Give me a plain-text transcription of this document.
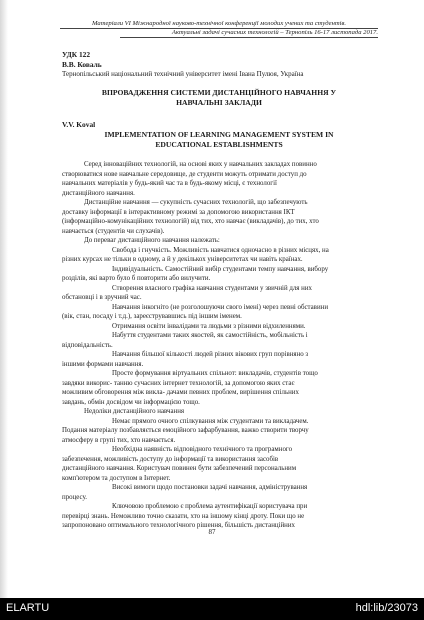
Матеріали VI Міжнародної науково-технічної конференції молодих учених та студентів.
Актуальні задачі сучасних технологій – Тернопіль 16-17 листопада 2017.
УДК 122
В.В. Коваль
Тернопільський національний технічний університет імені Івана Пулюя, Україна
ВПРОВАДЖЕННЯ СИСТЕМИ ДИСТАНЦІЙНОГО НАВЧАННЯ У
НАВЧАЛЬНІ ЗАКЛАДИ
V.V. Koval
IMPLEMENTATION OF LEARNING MANAGEMENT SYSTEM IN
EDUCATIONAL ESTABLISHMENTS

Серед інноваційних технологій, на основі яких у навчальних закладах повинно

створюватися нове навчальне середовище, де студенти можуть отримати доступ до

навчальних матеріалів у будь-який час та в будь-якому місці, є технології

дистанційного навчання.

Дистанційне навчання — сукупність сучасних технологій, що забезпечують

доставку інформації в інтерактивному режимі за допомогою використання ІКТ

(інформаційно-комунікаційних технологій) від тих, хто навчає (викладачів), до тих, хто

навчається (студентів чи слухачів).

До переваг дистанційного навчання належать:

Свобода і гнучкість. Можливість навчатися одночасно в різних місцях, на

різних курсах не тільки в одному, а й у декількох університетах чи навіть країнах.

Індивідуальність. Самостійний вибір студентами темпу навчання, вибору

розділів, які варто було б повторити або вилучити.

Створення власного графіка навчання студентами у звичній для них

обстановці і в зручний час.

Навчання інкогніто (не розголошуючи свого імені) через певні обставини

(вік, стан, посаду і т.д.), зареєструвавшись під іншим іменем.

Отримання освіти інвалідами та людьми з різними відхиленнями.

Набуття студентами таких якостей, як самостійність, мобільність і

відповідальність.

Навчання більшої кількості людей різних вікових груп порівняно з

іншими формами навчання.

Просте формування віртуальних спільнот: викладачів, студентів тощо

завдяки викорис- танню сучасних інтернет технологій, за допомогою яких стає

можливим обговорення між викла- дачами певних проблем, вирішення спільних

завдань, обмін досвідом чи інформацією тощо.

Недоліки дистанційного навчання

Немає прямого очного спілкування між студентами та викладачем.

Подання матеріалу позбавляється емоційного зафарбування, важко створити творчу

атмосферу в групі тих, хто навчається.

Необхідна наявність відповідного технічного та програмного

забезпечення, можливість доступу до інформації та використання засобів

дистанційного навчання. Користувач повинен бути забезпечений персональним

комп'ютером та доступом в Інтернет.

Високі вимоги щодо постановки задачі навчання, адміністрування

процесу.

Ключовою проблемою є проблема аутентифікації користувача при

перевірці знань. Неможливо точно сказати, хто на іншому кінці дроту. Поки що не

запропоновано оптимального технологічного рішення, більшість дистанційних

87
ELARTU	hdl:lib/23073
